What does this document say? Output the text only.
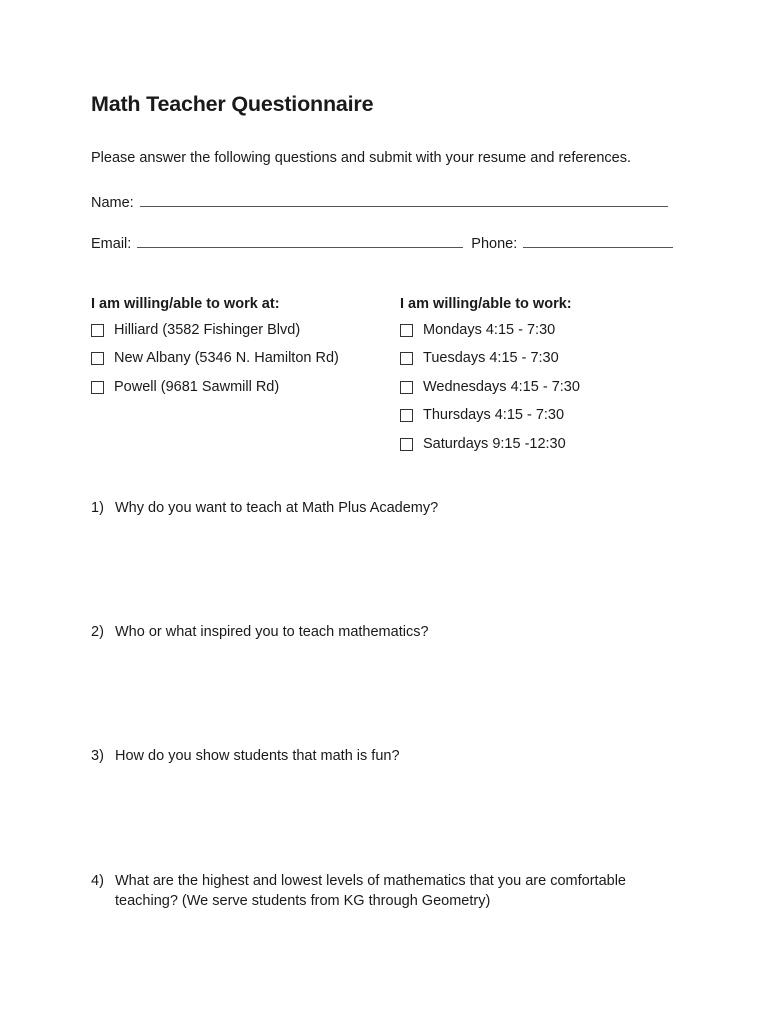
Math Teacher Questionnaire
Please answer the following questions and submit with your resume and references.
Name:
Email:	Phone:
I am willing/able to work at:
Hilliard (3582 Fishinger Blvd)
New Albany (5346 N. Hamilton Rd)
Powell (9681 Sawmill Rd)
I am willing/able to work:
Mondays 4:15 - 7:30
Tuesdays 4:15 - 7:30
Wednesdays 4:15 - 7:30
Thursdays 4:15 - 7:30
Saturdays 9:15 -12:30
1) Why do you want to teach at Math Plus Academy?
2) Who or what inspired you to teach mathematics?
3) How do you show students that math is fun?
4) What are the highest and lowest levels of mathematics that you are comfortable teaching? (We serve students from KG through Geometry)
